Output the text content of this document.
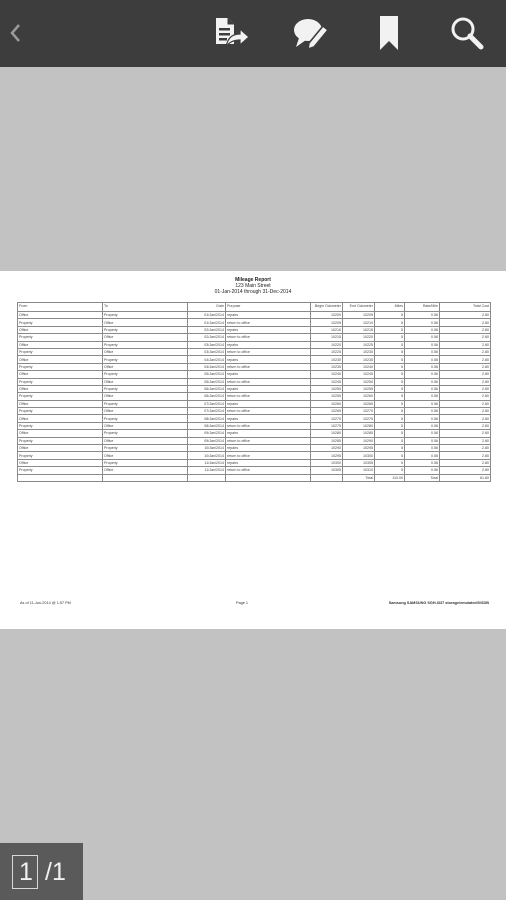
Mileage Report
123 Main Street
01-Jan-2014 through 31-Dec-2014
From	To	Date	Purpose	Begin Odometer	End Odometer	Miles	Rate/Mile	Total Cost
Office	Property	01/Jan/2014	repairs	10200	10205	5	0.56	2.80
Property	Office	01/Jan/2014	return to office	10205	10210	5	0.56	2.80
Office	Property	02/Jan/2014	repairs	10210	10215	5	0.56	2.80
Property	Office	02/Jan/2014	return to office	10215	10220	5	0.56	2.80
Office	Property	03/Jan/2014	repairs	10220	10225	5	0.56	2.80
Property	Office	03/Jan/2014	return to office	10225	10230	5	0.56	2.80
Office	Property	04/Jan/2014	repairs	10230	10235	5	0.56	2.80
Property	Office	04/Jan/2014	return to office	10235	10240	5	0.56	2.80
Office	Property	05/Jan/2014	repairs	10240	10245	5	0.56	2.80
Property	Office	05/Jan/2014	return to office	10245	10250	5	0.56	2.80
Office	Property	06/Jan/2014	repairs	10250	10255	5	0.56	2.80
Property	Office	06/Jan/2014	return to office	10255	10260	5	0.56	2.80
Office	Property	07/Jan/2014	repairs	10260	10265	5	0.56	2.80
Property	Office	07/Jan/2014	return to office	10265	10270	5	0.56	2.80
Office	Property	08/Jan/2014	repairs	10270	10275	5	0.56	2.80
Property	Office	08/Jan/2014	return to office	10275	10280	5	0.56	2.80
Office	Property	09/Jan/2014	repairs	10280	10285	5	0.56	2.80
Property	Office	09/Jan/2014	return to office	10285	10290	5	0.56	2.80
Office	Property	10/Jan/2014	repairs	10290	10295	5	0.56	2.80
Property	Office	10/Jan/2014	return to office	10295	10300	5	0.56	2.80
Office	Property	11/Jan/2014	repairs	10300	10305	5	0.56	2.80
Property	Office	11/Jan/2014	return to office	10305	10310	5	0.56	2.80
					Total	110.00	Total	61.60
As of 11-Jun-2014 @ 1:57 PM	Page 1	Samsung SAMSUNG SGH-I337 storage/emulated/0/SDB
1 /1
